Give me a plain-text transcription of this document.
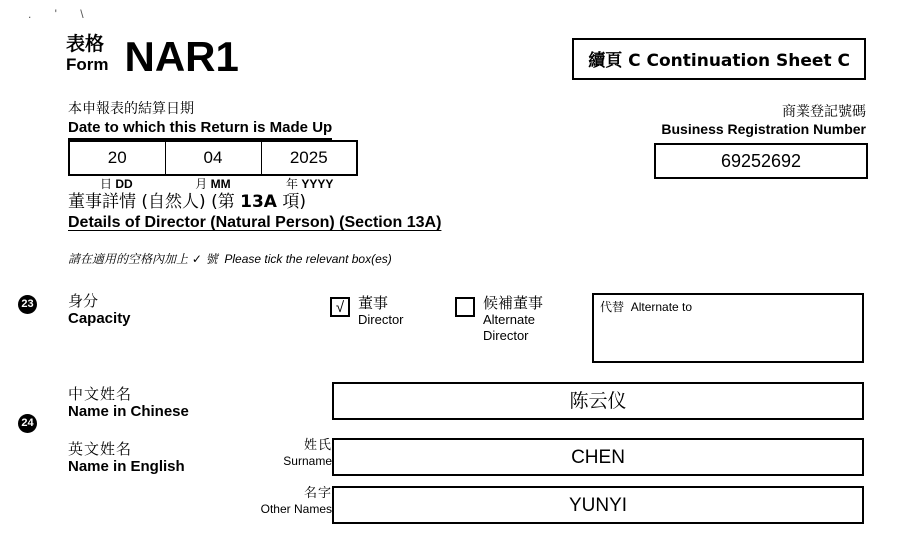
. ' \
表格
Form NAR1	續頁 C Continuation Sheet C
本申報表的結算日期
Date to which this Return is Made Up
20	04	2025
日 DD	月 MM	年 YYYY
商業登記號碼
Business Registration Number
69252692
董事詳情 (自然人) (第 13A 項)
Details of Director (Natural Person) (Section 13A)
請在適用的空格內加上 ✓ 號 Please tick the relevant box(es)
23 身分
Capacity
√ 董事
Director
候補董事
Alternate
Director
代替 Alternate to
24
中文姓名
Name in Chinese	陈云仪
英文姓名
Name in English
姓氏
Surname	CHEN
名字
Other Names	YUNYI
